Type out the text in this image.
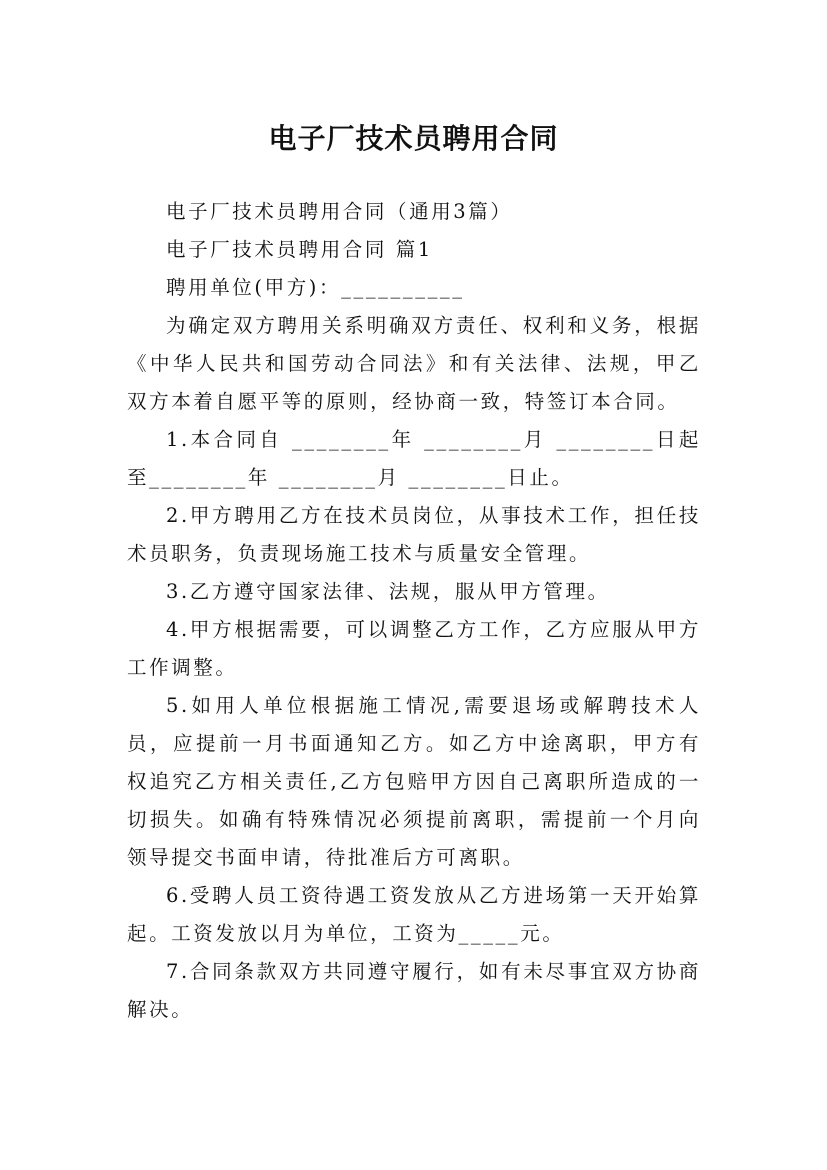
电子厂技术员聘用合同

电子厂技术员聘用合同（通用3篇）

电子厂技术员聘用合同 篇1

聘用单位(甲方)：__________

为确定双方聘用关系明确双方责任、权利和义务，根据《中华人民共和国劳动合同法》和有关法律、法规，甲乙双方本着自愿平等的原则，经协商一致，特签订本合同。

1.本合同自 ________年 ________月 ________日起至________年 ________月 ________日止。

2.甲方聘用乙方在技术员岗位，从事技术工作，担任技术员职务，负责现场施工技术与质量安全管理。

3.乙方遵守国家法律、法规，服从甲方管理。

4.甲方根据需要，可以调整乙方工作，乙方应服从甲方工作调整。

5.如用人单位根据施工情况,需要退场或解聘技术人员，应提前一月书面通知乙方。如乙方中途离职，甲方有权追究乙方相关责任,乙方包赔甲方因自己离职所造成的一切损失。如确有特殊情况必须提前离职，需提前一个月向领导提交书面申请，待批准后方可离职。

6.受聘人员工资待遇工资发放从乙方进场第一天开始算起。工资发放以月为单位，工资为_____元。

7.合同条款双方共同遵守履行，如有未尽事宜双方协商解决。
